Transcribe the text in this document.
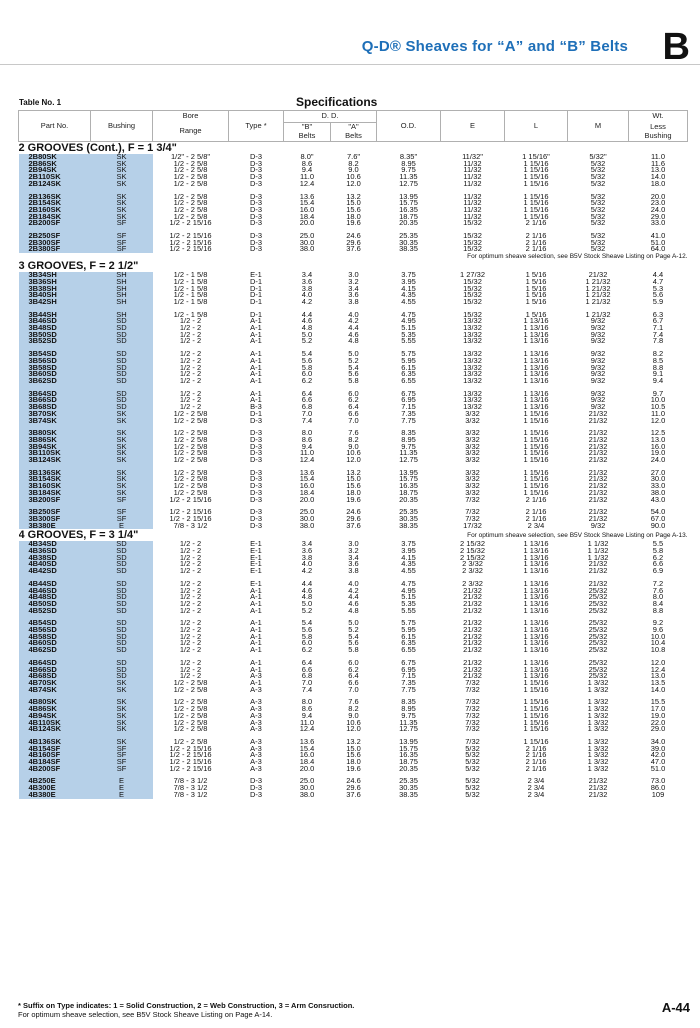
Q-D® Sheaves for “A” and “B” Belts B
Table No. 1	Specifications
Part No.	Bushing	Bore	Type *	D. D.		O.D.	E	L	M	Wt.
		Range		"B"	"A"					Less
				Belts	Belts					Bushing
2 GROOVES (Cont.), F = 1 3/4"										
2B80SK	SK	1/2" - 2 5/8"	D-3	8.0"	7.6"	8.35"	11/32"	1 15/16"	5/32"	11.0
2B86SK	SK	1/2 - 2 5/8	D-3	8.6	8.2	8.95	11/32	1 15/16	5/32	11.6
2B94SK	SK	1/2 - 2 5/8	D-3	9.4	9.0	9.75	11/32	1 15/16	5/32	13.0
2B110SK	SK	1/2 - 2 5/8	D-3	11.0	10.6	11.35	11/32	1 15/16	5/32	14.0
2B124SK	SK	1/2 - 2 5/8	D-3	12.4	12.0	12.75	11/32	1 15/16	5/32	18.0

2B136SK	SK	1/2 - 2 5/8	D-3	13.6	13.2	13.95	11/32	1 15/16	5/32	20.0
2B154SK	SK	1/2 - 2 5/8	D-3	15.4	15.0	15.75	11/32	1 15/16	5/32	23.0
2B160SK	SK	1/2 - 2 5/8	D-3	16.0	15.6	16.35	11/32	1 15/16	5/32	24.0
2B184SK	SK	1/2 - 2 5/8	D-3	18.4	18.0	18.75	11/32	1 15/16	5/32	29.0
2B200SF	SF	1/2 - 2 15/16	D-3	20.0	19.6	20.35	15/32	2 1/16	5/32	33.0

2B250SF	SF	1/2 - 2 15/16	D-3	25.0	24.6	25.35	15/32	2 1/16	5/32	41.0
2B300SF	SF	1/2 - 2 15/16	D-3	30.0	29.6	30.35	15/32	2 1/16	5/32	51.0
2B380SF	SF	1/2 - 2 15/16	D-3	38.0	37.6	38.35	15/32	2 1/16	5/32	64.0
For optimum sheave selection, see B5V Stock Sheave Listing on Page A-12.										
3 GROOVES, F = 2 1/2"										
3B34SH	SH	1/2 - 1 5/8	E-1	3.4	3.0	3.75	1 27/32	1 5/16	21/32	4.4
3B36SH	SH	1/2 - 1 5/8	D-1	3.6	3.2	3.95	15/32	1 5/16	1 21/32	4.7
3B38SH	SH	1/2 - 1 5/8	D-1	3.8	3.4	4.15	15/32	1 5/16	1 21/32	5.3
3B40SH	SH	1/2 - 1 5/8	D-1	4.0	3.6	4.35	15/32	1 5/16	1 21/32	5.6
3B42SH	SH	1/2 - 1 5/8	D-1	4.2	3.8	4.55	15/32	1 5/16	1 21/32	5.9

3B44SH	SH	1/2 - 1 5/8	D-1	4.4	4.0	4.75	15/32	1 5/16	1 21/32	6.3
3B46SD	SD	1/2 - 2	A-1	4.6	4.2	4.95	13/32	1 13/16	9/32	6.7
3B48SD	SD	1/2 - 2	A-1	4.8	4.4	5.15	13/32	1 13/16	9/32	7.1
3B50SD	SD	1/2 - 2	A-1	5.0	4.6	5.35	13/32	1 13/16	9/32	7.4
3B52SD	SD	1/2 - 2	A-1	5.2	4.8	5.55	13/32	1 13/16	9/32	7.8

3B54SD	SD	1/2 - 2	A-1	5.4	5.0	5.75	13/32	1 13/16	9/32	8.2
3B56SD	SD	1/2 - 2	A-1	5.6	5.2	5.95	13/32	1 13/16	9/32	8.5
3B58SD	SD	1/2 - 2	A-1	5.8	5.4	6.15	13/32	1 13/16	9/32	8.8
3B60SD	SD	1/2 - 2	A-1	6.0	5.6	6.35	13/32	1 13/16	9/32	9.1
3B62SD	SD	1/2 - 2	A-1	6.2	5.8	6.55	13/32	1 13/16	9/32	9.4

3B64SD	SD	1/2 - 2	A-1	6.4	6.0	6.75	13/32	1 13/16	9/32	9.7
3B66SD	SD	1/2 - 2	A-1	6.6	6.2	6.95	13/32	1 13/16	9/32	10.0
3B68SD	SD	1/2 - 2	B-3	6.8	6.4	7.15	13/32	1 13/16	9/32	10.5
3B70SK	SK	1/2 - 2 5/8	D-1	7.0	6.6	7.35	3/32	1 15/16	21/32	11.0
3B74SK	SK	1/2 - 2 5/8	D-3	7.4	7.0	7.75	3/32	1 15/16	21/32	12.0

3B80SK	SK	1/2 - 2 5/8	D-3	8.0	7.6	8.35	3/32	1 15/16	21/32	12.5
3B86SK	SK	1/2 - 2 5/8	D-3	8.6	8.2	8.95	3/32	1 15/16	21/32	13.0
3B94SK	SK	1/2 - 2 5/8	D-3	9.4	9.0	9.75	3/32	1 15/16	21/32	16.0
3B110SK	SK	1/2 - 2 5/8	D-3	11.0	10.6	11.35	3/32	1 15/16	21/32	19.0
3B124SK	SK	1/2 - 2 5/8	D-3	12.4	12.0	12.75	3/32	1 15/16	21/32	24.0

3B136SK	SK	1/2 - 2 5/8	D-3	13.6	13.2	13.95	3/32	1 15/16	21/32	27.0
3B154SK	SK	1/2 - 2 5/8	D-3	15.4	15.0	15.75	3/32	1 15/16	21/32	30.0
3B160SK	SK	1/2 - 2 5/8	D-3	16.0	15.6	16.35	3/32	1 15/16	21/32	33.0
3B184SK	SK	1/2 - 2 5/8	D-3	18.4	18.0	18.75	3/32	1 15/16	21/32	38.0
3B200SF	SF	1/2 - 2 15/16	D-3	20.0	19.6	20.35	7/32	2 1/16	21/32	43.0

3B250SF	SF	1/2 - 2 15/16	D-3	25.0	24.6	25.35	7/32	2 1/16	21/32	54.0
3B300SF	SF	1/2 - 2 15/16	D-3	30.0	29.6	30.35	7/32	2 1/16	21/32	67.0
3B380E	E	7/8 - 3 1/2	D-3	38.0	37.6	38.35	17/32	2 3/4	9/32	90.0
4 GROOVES, F = 3 1/4"						For optimum sheave selection, see B5V Stock Sheave Listing on Page A-13.				
4B34SD	SD	1/2 - 2	E-1	3.4	3.0	3.75	2 15/32	1 13/16	1 1/32	5.5
4B36SD	SD	1/2 - 2	E-1	3.6	3.2	3.95	2 15/32	1 13/16	1 1/32	5.8
4B38SD	SD	1/2 - 2	E-1	3.8	3.4	4.15	2 15/32	1 13/16	1 1/32	6.2
4B40SD	SD	1/2 - 2	E-1	4.0	3.6	4.35	2 3/32	1 13/16	21/32	6.6
4B42SD	SD	1/2 - 2	E-1	4.2	3.8	4.55	2 3/32	1 13/16	21/32	6.9

4B44SD	SD	1/2 - 2	E-1	4.4	4.0	4.75	2 3/32	1 13/16	21/32	7.2
4B46SD	SD	1/2 - 2	A-1	4.6	4.2	4.95	21/32	1 13/16	25/32	7.6
4B48SD	SD	1/2 - 2	A-1	4.8	4.4	5.15	21/32	1 13/16	25/32	8.0
4B50SD	SD	1/2 - 2	A-1	5.0	4.6	5.35	21/32	1 13/16	25/32	8.4
4B52SD	SD	1/2 - 2	A-1	5.2	4.8	5.55	21/32	1 13/16	25/32	8.8

4B54SD	SD	1/2 - 2	A-1	5.4	5.0	5.75	21/32	1 13/16	25/32	9.2
4B56SD	SD	1/2 - 2	A-1	5.6	5.2	5.95	21/32	1 13/16	25/32	9.6
4B58SD	SD	1/2 - 2	A-1	5.8	5.4	6.15	21/32	1 13/16	25/32	10.0
4B60SD	SD	1/2 - 2	A-1	6.0	5.6	6.35	21/32	1 13/16	25/32	10.4
4B62SD	SD	1/2 - 2	A-1	6.2	5.8	6.55	21/32	1 13/16	25/32	10.8

4B64SD	SD	1/2 - 2	A-1	6.4	6.0	6.75	21/32	1 13/16	25/32	12.0
4B66SD	SD	1/2 - 2	A-1	6.6	6.2	6.95	21/32	1 13/16	25/32	12.4
4B68SD	SD	1/2 - 2	A-3	6.8	6.4	7.15	21/32	1 13/16	25/32	13.0
4B70SK	SK	1/2 - 2 5/8	A-1	7.0	6.6	7.35	7/32	1 15/16	1 3/32	13.5
4B74SK	SK	1/2 - 2 5/8	A-3	7.4	7.0	7.75	7/32	1 15/16	1 3/32	14.0

4B80SK	SK	1/2 - 2 5/8	A-3	8.0	7.6	8.35	7/32	1 15/16	1 3/32	15.5
4B86SK	SK	1/2 - 2 5/8	A-3	8.6	8.2	8.95	7/32	1 15/16	1 3/32	17.0
4B94SK	SK	1/2 - 2 5/8	A-3	9.4	9.0	9.75	7/32	1 15/16	1 3/32	19.0
4B110SK	SK	1/2 - 2 5/8	A-3	11.0	10.6	11.35	7/32	1 15/16	1 3/32	22.0
4B124SK	SK	1/2 - 2 5/8	A-3	12.4	12.0	12.75	7/32	1 15/16	1 3/32	29.0

4B136SK	SK	1/2 - 2 5/8	A-3	13.6	13.2	13.95	7/32	1 15/16	1 3/32	34.0
4B154SF	SF	1/2 - 2 15/16	A-3	15.4	15.0	15.75	5/32	2 1/16	1 3/32	39.0
4B160SF	SF	1/2 - 2 15/16	A-3	16.0	15.6	16.35	5/32	2 1/16	1 3/32	42.0
4B184SF	SF	1/2 - 2 15/16	A-3	18.4	18.0	18.75	5/32	2 1/16	1 3/32	47.0
4B200SF	SF	1/2 - 2 15/16	A-3	20.0	19.6	20.35	5/32	2 1/16	1 3/32	51.0

4B250E	E	7/8 - 3 1/2	D-3	25.0	24.6	25.35	5/32	2 3/4	21/32	73.0
4B300E	E	7/8 - 3 1/2	D-3	30.0	29.6	30.35	5/32	2 3/4	21/32	86.0
4B380E	E	7/8 - 3 1/2	D-3	38.0	37.6	38.35	5/32	2 3/4	21/32	109
* Suffix on Type indicates: 1 = Solid Construction, 2 = Web Construction, 3 = Arm Consruction.
For optimum sheave selection, see B5V Stock Sheave Listing on Page A-14.	A-44
